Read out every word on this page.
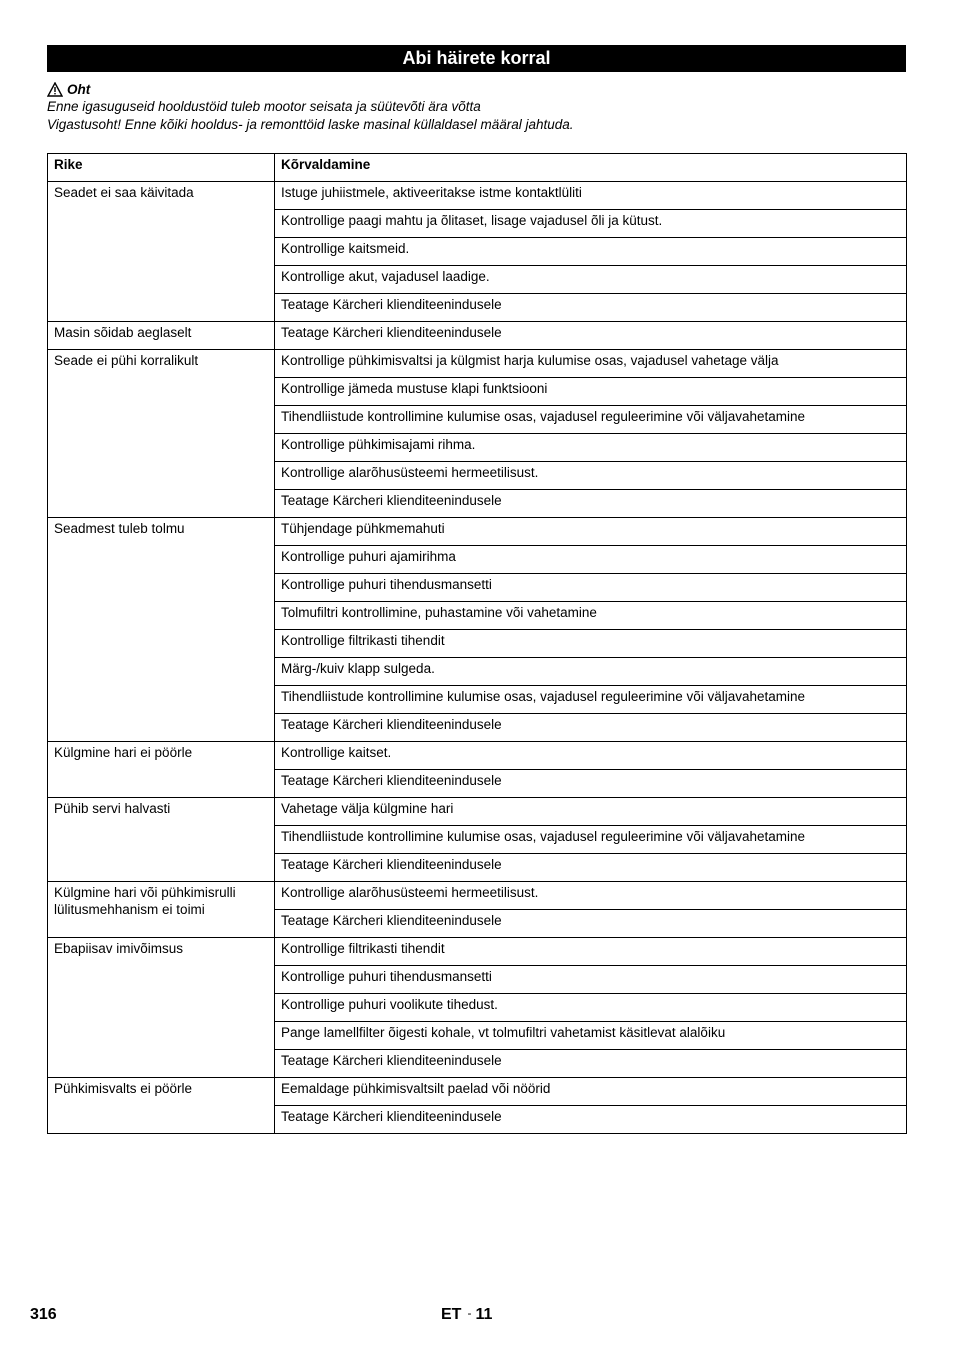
Abi häirete korral
Oht
Enne igasuguseid hooldustöid tuleb mootor seisata ja süütevõti ära võtta
Vigastusoht! Enne kõiki hooldus- ja remonttöid laske masinal küllaldasel määral jahtuda.
Rike	Kõrvaldamine
Seadet ei saa käivitada	Istuge juhiistmele, aktiveeritakse istme kontaktlüliti
	Kontrollige paagi mahtu ja õlitaset, lisage vajadusel õli ja kütust.
	Kontrollige kaitsmeid.
	Kontrollige akut, vajadusel laadige.
	Teatage Kärcheri klienditeenindusele
Masin sõidab aeglaselt	Teatage Kärcheri klienditeenindusele
Seade ei pühi korralikult	Kontrollige pühkimisvaltsi ja külgmist harja kulumise osas, vajadusel vahetage välja
	Kontrollige jämeda mustuse klapi funktsiooni
	Tihendliistude kontrollimine kulumise osas, vajadusel reguleerimine või väljavahetamine
	Kontrollige pühkimisajami rihma.
	Kontrollige alarõhusüsteemi hermeetilisust.
	Teatage Kärcheri klienditeenindusele
Seadmest tuleb tolmu	Tühjendage pühkmemahuti
	Kontrollige puhuri ajamirihma
	Kontrollige puhuri tihendusmansetti
	Tolmufiltri kontrollimine, puhastamine või vahetamine
	Kontrollige filtrikasti tihendit
	Märg-/kuiv klapp sulgeda.
	Tihendliistude kontrollimine kulumise osas, vajadusel reguleerimine või väljavahetamine
	Teatage Kärcheri klienditeenindusele
Külgmine hari ei pöörle	Kontrollige kaitset.
	Teatage Kärcheri klienditeenindusele
Pühib servi halvasti	Vahetage välja külgmine hari
	Tihendliistude kontrollimine kulumise osas, vajadusel reguleerimine või väljavahetamine
	Teatage Kärcheri klienditeenindusele
Külgmine hari või pühkimisrulli lülitusmehhanism ei toimi	Kontrollige alarõhusüsteemi hermeetilisust.
	Teatage Kärcheri klienditeenindusele
Ebapiisav imivõimsus	Kontrollige filtrikasti tihendit
	Kontrollige puhuri tihendusmansetti
	Kontrollige puhuri voolikute tihedust.
	Pange lamellfilter õigesti kohale, vt tolmufiltri vahetamist käsitlevat alalõiku
	Teatage Kärcheri klienditeenindusele
Pühkimisvalts ei pöörle	Eemaldage pühkimisvaltsilt paelad või nöörid
	Teatage Kärcheri klienditeenindusele
316	ET - 11
